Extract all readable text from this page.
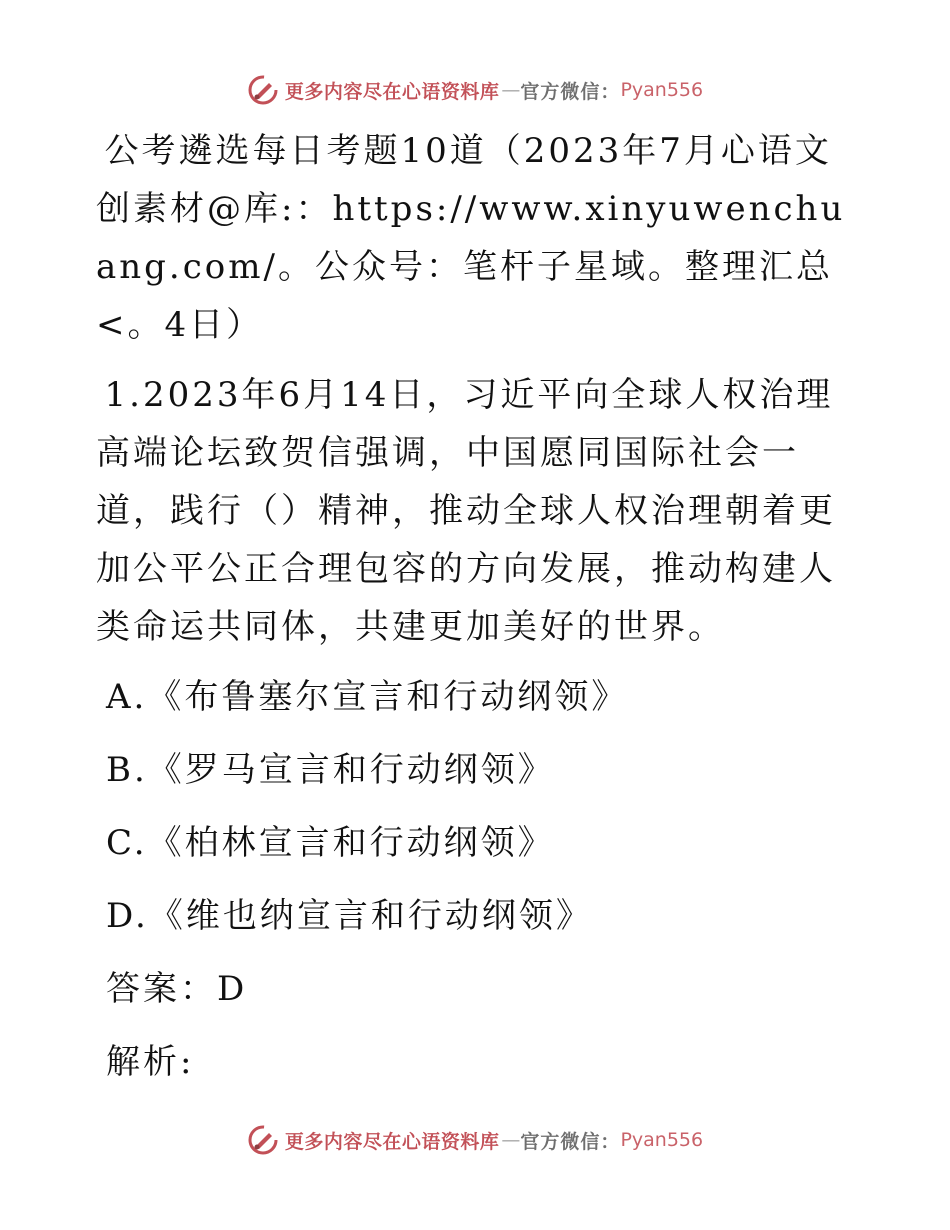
更多内容尽在心语资料库 — 官方微信： Pyan556

公考遴选每日考题10道（2023年7月心语文创素材@库:：https://www.xinyuwenchuang.com/。公众号：笔杆子星域。整理汇总<。4日）

1.2023年6月14日，习近平向全球人权治理高端论坛致贺信强调，中国愿同国际社会一道，践行（）精神，推动全球人权治理朝着更加公平公正合理包容的方向发展，推动构建人类命运共同体，共建更加美好的世界。

A.《布鲁塞尔宣言和行动纲领》

B.《罗马宣言和行动纲领》

C.《柏林宣言和行动纲领》

D.《维也纳宣言和行动纲领》

答案：D

解析:

更多内容尽在心语资料库 — 官方微信： Pyan556
